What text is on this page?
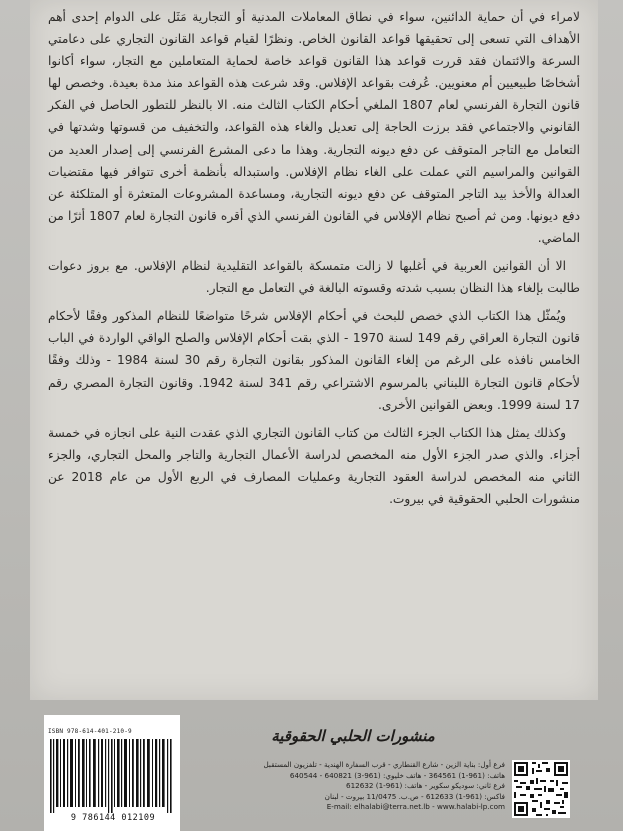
لامراء في أن حماية الدائنين، سواء في نطاق المعاملات المدنية أو التجارية مَثَل على الدوام إحدى أهم الأهداف التي تسعى إلى تحقيقها قواعد القانون الخاص. ونظرًا لقيام قواعد القانون التجاري على دعامتي السرعة والائتمان فقد قررت قواعد هذا القانون قواعد خاصة لحماية المتعاملين مع التجار، سواء أكانوا أشخاصًا طبيعيين أم معنويين. عُرفت بقواعد الإفلاس. وقد شرعت هذه القواعد منذ مدة بعيدة. وخصص لها قانون التجارة الفرنسي لعام 1807 الملغي أحكام الكتاب الثالث منه. الا بالنظر للتطور الحاصل في الفكر القانوني والاجتماعي فقد برزت الحاجة إلى تعديل والغاء هذه القواعد، والتخفيف من قسوتها وشدتها في التعامل مع التاجر المتوقف عن دفع ديونه التجارية. وهذا ما دعى المشرع الفرنسي إلى إصدار العديد من القوانين والمراسيم التي عملت على الغاء نظام الإفلاس. واستبداله بأنظمة أخرى تتوافر فيها مقتضيات العدالة والأخذ بيد التاجر المتوقف عن دفع ديونه التجارية، ومساعدة المشروعات المتعثرة أو المتلكئة عن دفع ديونها. ومن ثم أصبح نظام الإفلاس في القانون الفرنسي الذي أقره قانون التجارة لعام 1807 أثرًا من الماضي.

الا أن القوانين العربية في أغلبها لا زالت متمسكة بالقواعد التقليدية لنظام الإفلاس. مع بروز دعوات طالبت بإلغاء هذا النظان بسبب شدته وقسوته البالغة في التعامل مع التجار.

ويُمثّل هذا الكتاب الذي خصص للبحث في أحكام الإفلاس شرحًا متواضعًا للنظام المذكور وفقًا لأحكام قانون التجارة العراقي رقم 149 لسنة 1970 - الذي بقت أحكام الإفلاس والصلح الواقي الواردة في الباب الخامس نافذه على الرغم من إلغاء القانون المذكور بقانون التجارة رقم 30 لسنة 1984 - وذلك وفقًا لأحكام قانون التجارة اللبناني بالمرسوم الاشتراعي رقم 341 لسنة 1942. وقانون التجارة المصري رقم 17 لسنة 1999. وبعض القوانين الأخرى.

وكذلك يمثل هذا الكتاب الجزء الثالث من كتاب القانون التجاري الذي عقدت النية على انجازه في خمسة أجزاء. والذي صدر الجزء الأول منه المخصص لدراسة الأعمال التجارية والتاجر والمحل التجاري، والجزء الثاني منه المخصص لدراسة العقود التجارية وعمليات المصارف في الربع الأول من عام 2018 عن منشورات الحلبي الحقوقية في بيروت.

ISBN 978-614-401-210-9
9 786144 012109
منشورات الحلبي الحقوقية
فرع أول: بناية الزين - شارع القنطاري - قرب السفارة الهندية - تلفزيون المستقبل
هاتف: (961-1) 364561 - هاتف خليوي: (961-3) 640821 - 640544
فرع ثاني: سوديكو سكوير - هاتف: (961-1) 612632
فاكس: (961-1) 612633 - ص.ب. 11/0475 بيروت - لبنان
E-mail: elhalabi@terra.net.lb - www.halabi-lp.com
